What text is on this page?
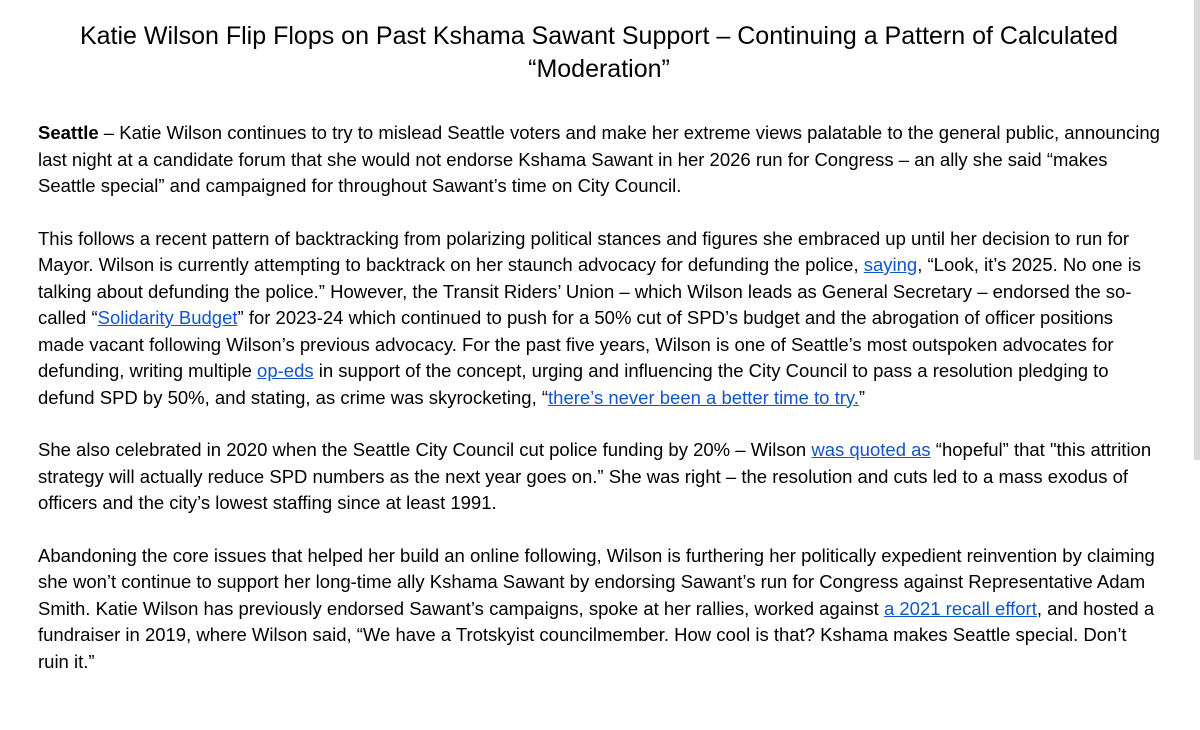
Katie Wilson Flip Flops on Past Kshama Sawant Support – Continuing a Pattern of Calculated “Moderation”

Seattle – Katie Wilson continues to try to mislead Seattle voters and make her extreme views palatable to the general public, announcing last night at a candidate forum that she would not endorse Kshama Sawant in her 2026 run for Congress – an ally she said “makes Seattle special” and campaigned for throughout Sawant’s time on City Council.

This follows a recent pattern of backtracking from polarizing political stances and figures she embraced up until her decision to run for Mayor. Wilson is currently attempting to backtrack on her staunch advocacy for defunding the police, saying, “Look, it’s 2025. No one is talking about defunding the police.” However, the Transit Riders’ Union – which Wilson leads as General Secretary – endorsed the so-called “Solidarity Budget” for 2023-24 which continued to push for a 50% cut of SPD’s budget and the abrogation of officer positions made vacant following Wilson’s previous advocacy. For the past five years, Wilson is one of Seattle’s most outspoken advocates for defunding, writing multiple op-eds in support of the concept, urging and influencing the City Council to pass a resolution pledging to defund SPD by 50%, and stating, as crime was skyrocketing, “there’s never been a better time to try.”

She also celebrated in 2020 when the Seattle City Council cut police funding by 20% – Wilson was quoted as “hopeful” that "this attrition strategy will actually reduce SPD numbers as the next year goes on.” She was right – the resolution and cuts led to a mass exodus of officers and the city’s lowest staffing since at least 1991.

Abandoning the core issues that helped her build an online following, Wilson is furthering her politically expedient reinvention by claiming she won’t continue to support her long-time ally Kshama Sawant by endorsing Sawant’s run for Congress against Representative Adam Smith. Katie Wilson has previously endorsed Sawant’s campaigns, spoke at her rallies, worked against a 2021 recall effort, and hosted a fundraiser in 2019, where Wilson said, “We have a Trotskyist councilmember. How cool is that? Kshama makes Seattle special. Don’t ruin it.”
